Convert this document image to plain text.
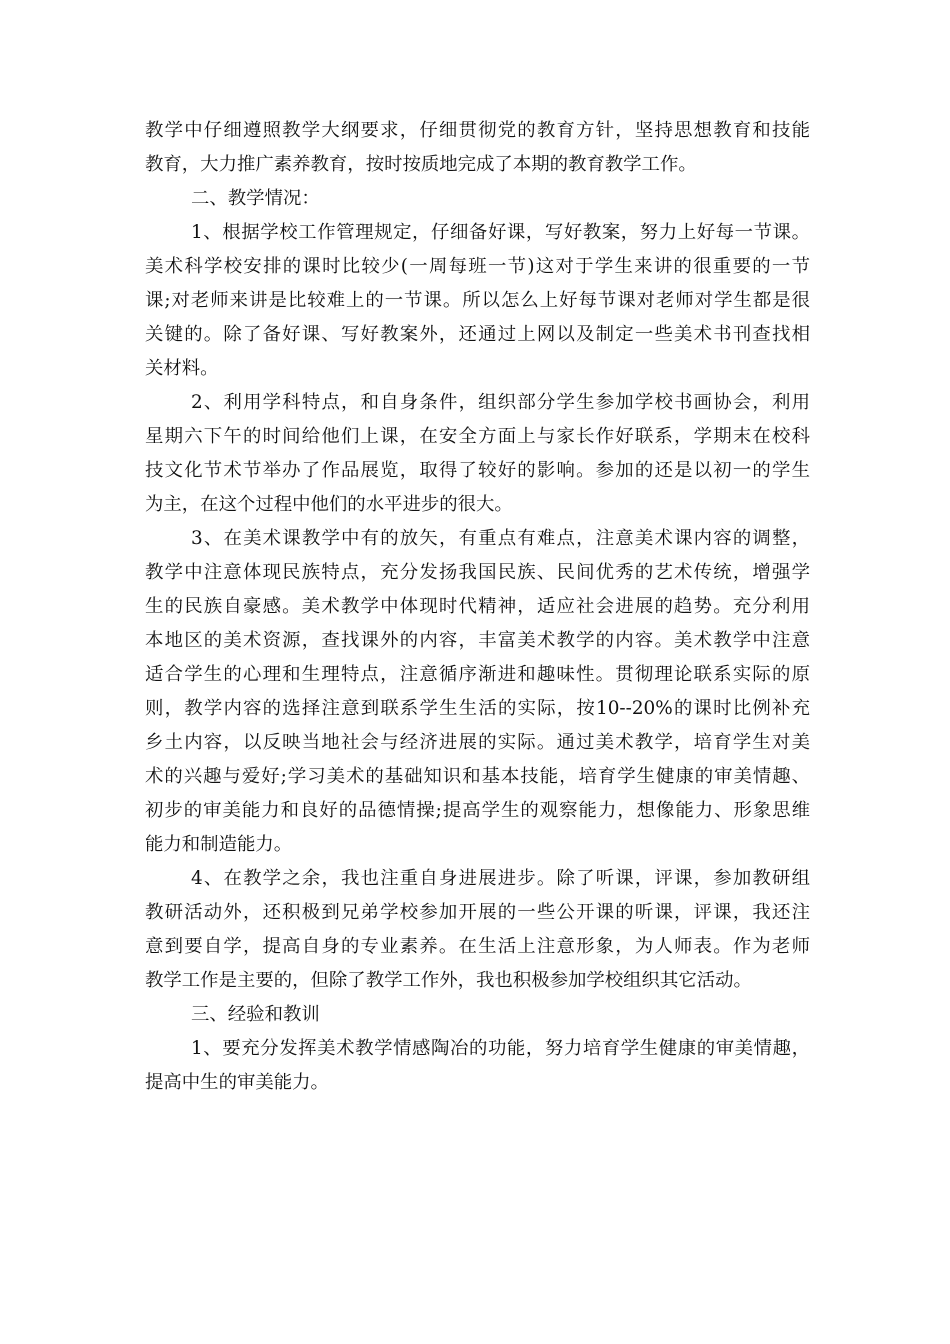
教学中仔细遵照教学大纲要求，仔细贯彻党的教育方针，坚持思想教育和技能
教育，大力推广素养教育，按时按质地完成了本期的教育教学工作。
二、教学情况：
1、根据学校工作管理规定，仔细备好课，写好教案，努力上好每一节课。
美术科学校安排的课时比较少(一周每班一节)这对于学生来讲的很重要的一节
课;对老师来讲是比较难上的一节课。所以怎么上好每节课对老师对学生都是很
关键的。除了备好课、写好教案外，还通过上网以及制定一些美术书刊查找相
关材料。
2、利用学科特点，和自身条件，组织部分学生参加学校书画协会，利用
星期六下午的时间给他们上课，在安全方面上与家长作好联系，学期末在校科
技文化节术节举办了作品展览，取得了较好的影响。参加的还是以初一的学生
为主，在这个过程中他们的水平进步的很大。
3、在美术课教学中有的放矢，有重点有难点，注意美术课内容的调整，
教学中注意体现民族特点，充分发扬我国民族、民间优秀的艺术传统，增强学
生的民族自豪感。美术教学中体现时代精神，适应社会进展的趋势。充分利用
本地区的美术资源，查找课外的内容，丰富美术教学的内容。美术教学中注意
适合学生的心理和生理特点，注意循序渐进和趣味性。贯彻理论联系实际的原
则，教学内容的选择注意到联系学生生活的实际，按10--20%的课时比例补充
乡土内容，以反映当地社会与经济进展的实际。通过美术教学，培育学生对美
术的兴趣与爱好;学习美术的基础知识和基本技能，培育学生健康的审美情趣、
初步的审美能力和良好的品德情操;提高学生的观察能力，想像能力、形象思维
能力和制造能力。
4、在教学之余，我也注重自身进展进步。除了听课，评课，参加教研组
教研活动外，还积极到兄弟学校参加开展的一些公开课的听课，评课，我还注
意到要自学，提高自身的专业素养。在生活上注意形象，为人师表。作为老师
教学工作是主要的，但除了教学工作外，我也积极参加学校组织其它活动。
三、经验和教训
1、要充分发挥美术教学情感陶冶的功能，努力培育学生健康的审美情趣，
提高中生的审美能力。
